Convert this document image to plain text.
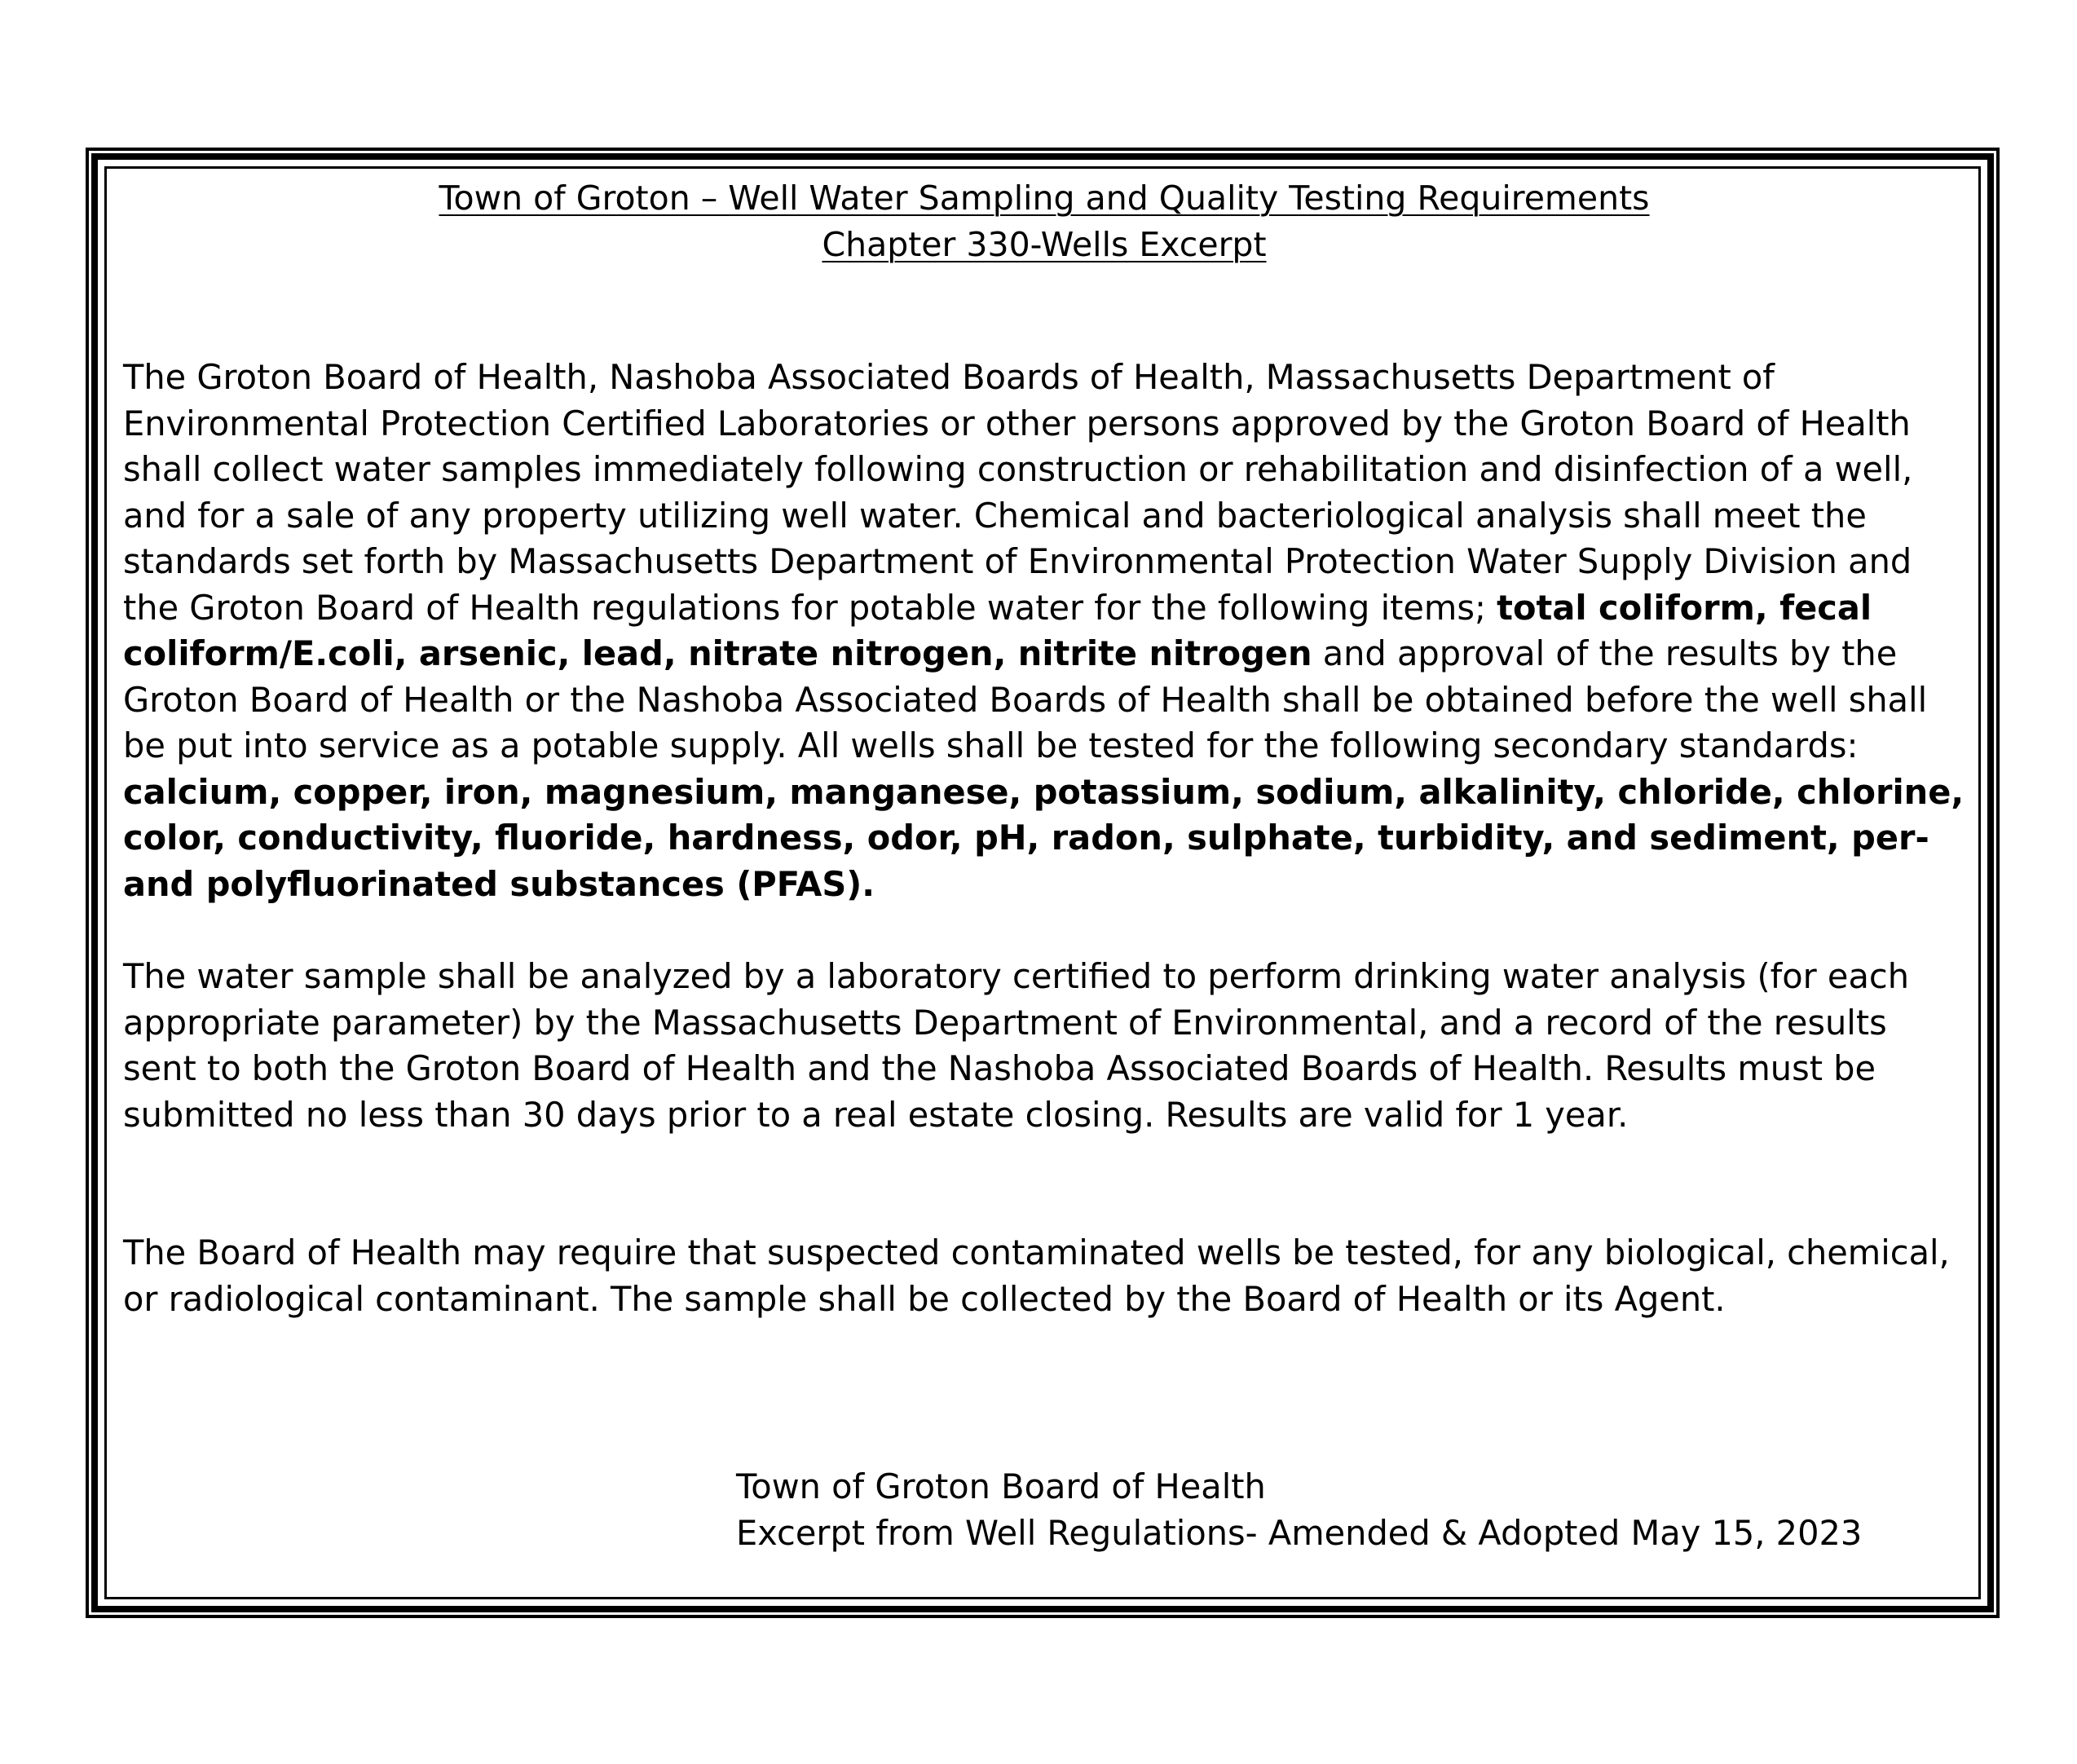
Town of Groton – Well Water Sampling and Quality Testing Requirements

Chapter 330-Wells Excerpt

The Groton Board of Health, Nashoba Associated Boards of Health, Massachusetts Department of Environmental Protection Certified Laboratories or other persons approved by the Groton Board of Health shall collect water samples immediately following construction or rehabilitation and disinfection of a well, and for a sale of any property utilizing well water. Chemical and bacteriological analysis shall meet the standards set forth by Massachusetts Department of Environmental Protection Water Supply Division and the Groton Board of Health regulations for potable water for the following items; total coliform, fecal coliform/E.coli, arsenic, lead, nitrate nitrogen, nitrite nitrogen and approval of the results by the Groton Board of Health or the Nashoba Associated Boards of Health shall be obtained before the well shall be put into service as a potable supply. All wells shall be tested for the following secondary standards: calcium, copper, iron, magnesium, manganese, potassium, sodium, alkalinity, chloride, chlorine, color, conductivity, fluoride, hardness, odor, pH, radon, sulphate, turbidity, and sediment, per-and polyfluorinated substances (PFAS).

The water sample shall be analyzed by a laboratory certified to perform drinking water analysis (for each appropriate parameter) by the Massachusetts Department of Environmental, and a record of the results sent to both the Groton Board of Health and the Nashoba Associated Boards of Health. Results must be submitted no less than 30 days prior to a real estate closing. Results are valid for 1 year.

The Board of Health may require that suspected contaminated wells be tested, for any biological, chemical, or radiological contaminant. The sample shall be collected by the Board of Health or its Agent.

Town of Groton Board of Health
Excerpt from Well Regulations- Amended & Adopted May 15, 2023
